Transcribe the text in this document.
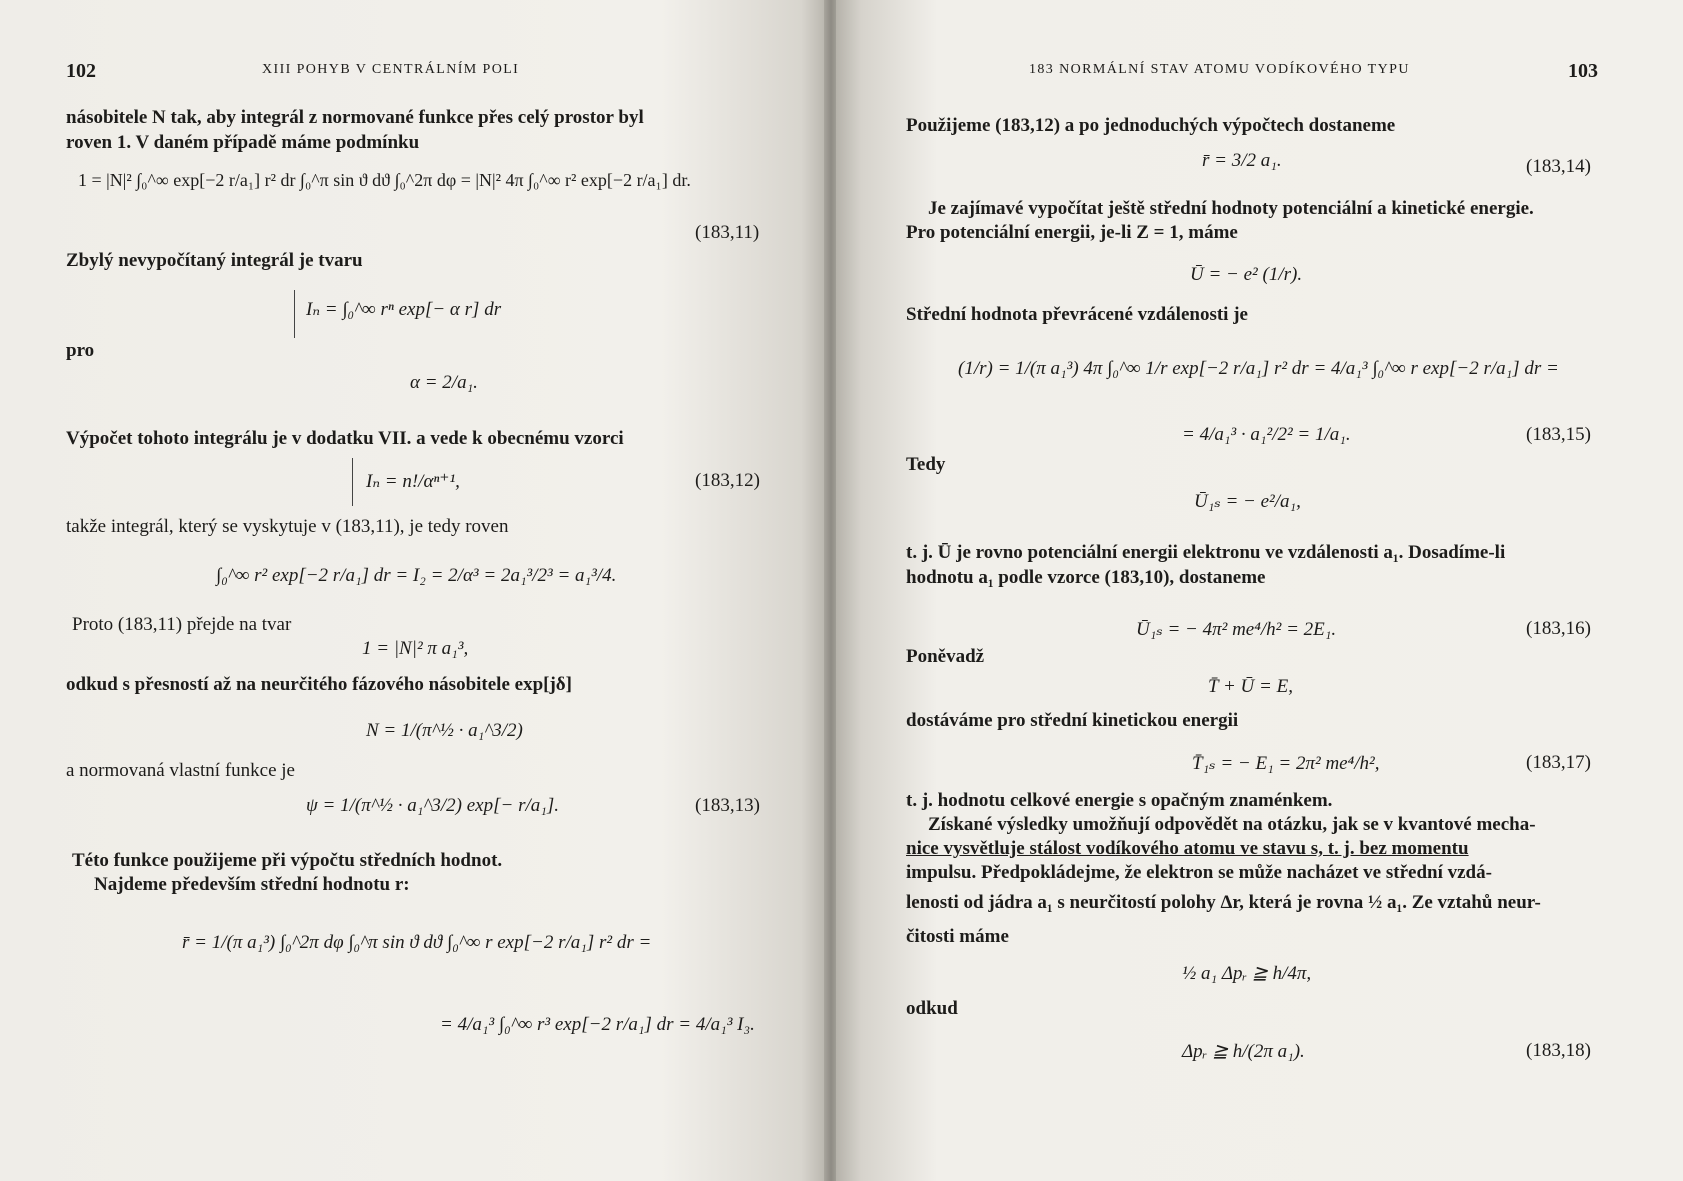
102	XIII POHYB V CENTRÁLNÍM POLI
násobitele N tak, aby integrál z normované funkce přes celý prostor byl
roven 1. V daném případě máme podmínku
1 = |N|² ∫₀^∞ exp[−2 r/a₁] r² dr ∫₀^π sin ϑ dϑ ∫₀^2π dφ = |N|² 4π ∫₀^∞ r² exp[−2 r/a₁] dr.
(183,11)
Zbylý nevypočítaný integrál je tvaru
Iₙ = ∫₀^∞ rⁿ exp[− α r] dr
pro
α = 2/a₁.
Výpočet tohoto integrálu je v dodatku VII. a vede k obecnému vzorci
Iₙ = n!/αⁿ⁺¹,	(183,12)
takže integrál, který se vyskytuje v (183,11), je tedy roven
∫₀^∞ r² exp[−2 r/a₁] dr = I₂ = 2/α³ = 2a₁³/2³ = a₁³/4.
Proto (183,11) přejde na tvar
1 = |N|² π a₁³,
odkud s přesností až na neurčitého fázového násobitele exp[jδ]
N = 1/(π^½ · a₁^3/2)
a normovaná vlastní funkce je
ψ = 1/(π^½ · a₁^3/2) exp[− r/a₁].	(183,13)
Této funkce použijeme při výpočtu středních hodnot.
Najdeme především střední hodnotu r:
r̄ = 1/(π a₁³) ∫₀^2π dφ ∫₀^π sin ϑ dϑ ∫₀^∞ r exp[−2 r/a₁] r² dr =
= 4/a₁³ ∫₀^∞ r³ exp[−2 r/a₁] dr = 4/a₁³ I₃.
183 NORMÁLNÍ STAV ATOMU VODÍKOVÉHO TYPU	103
Použijeme (183,12) a po jednoduchých výpočtech dostaneme
r̄ = 3/2 a₁.	(183,14)
Je zajímavé vypočítat ještě střední hodnoty potenciální a kinetické energie.
Pro potenciální energii, je-li Z = 1, máme
Ū = − e² (1/r).
Střední hodnota převrácené vzdálenosti je
(1/r) = 1/(π a₁³) 4π ∫₀^∞ 1/r exp[−2 r/a₁] r² dr = 4/a₁³ ∫₀^∞ r exp[−2 r/a₁] dr =
= 4/a₁³ · a₁²/2² = 1/a₁.	(183,15)
Tedy
Ū₁ₛ = − e²/a₁,
t. j. Ū je rovno potenciální energii elektronu ve vzdálenosti a₁. Dosadíme-li
hodnotu a₁ podle vzorce (183,10), dostaneme
Ū₁ₛ = − 4π² me⁴/h² = 2E₁.	(183,16)
Poněvadž
T̄ + Ū = E,
dostáváme pro střední kinetickou energii
T̄₁ₛ = − E₁ = 2π² me⁴/h²,	(183,17)
t. j. hodnotu celkové energie s opačným znaménkem.
Získané výsledky umožňují odpovědět na otázku, jak se v kvantové mecha-
nice vysvětluje stálost vodíkového atomu ve stavu s, t. j. bez momentu
impulsu. Předpokládejme, že elektron se může nacházet ve střední vzdá-
lenosti od jádra a₁ s neurčitostí polohy Δr, která je rovna ½ a₁. Ze vztahů neur-
čitosti máme
½ a₁ Δpᵣ ≧ h/4π,
odkud
Δpᵣ ≧ h/(2π a₁).	(183,18)
